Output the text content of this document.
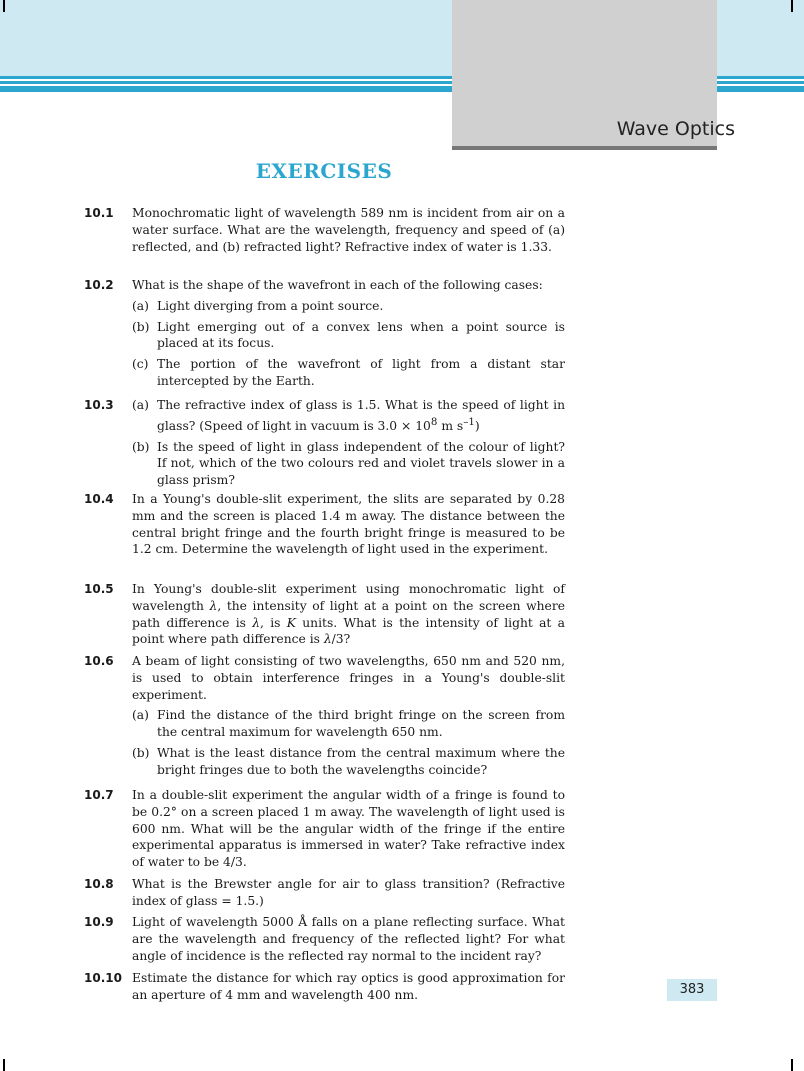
Wave Optics
EXERCISES
10.1 Monochromatic light of wavelength 589 nm is incident from air on a water surface. What are the wavelength, frequency and speed of (a) reflected, and (b) refracted light? Refractive index of water is 1.33.

10.2 What is the shape of the wavefront in each of the following cases:

(a) Light diverging from a point source.
(b) Light emerging out of a convex lens when a point source is placed at its focus.
(c) The portion of the wavefront of light from a distant star intercepted by the Earth.
10.3 (a) The refractive index of glass is 1.5. What is the speed of light in glass? (Speed of light in vacuum is $3.0 \times 10^8$ m $s^{-1}$)
(b) Is the speed of light in glass independent of the colour of light? If not, which of the two colours red and violet travels slower in a glass prism?
10.4 In a Young's double-slit experiment, the slits are separated by 0.28 mm and the screen is placed 1.4 m away. The distance between the central bright fringe and the fourth bright fringe is measured to be 1.2 cm. Determine the wavelength of light used in the experiment.

10.5 In Young's double-slit experiment using monochromatic light of wavelength λ, the intensity of light at a point on the screen where path difference is λ, is K units. What is the intensity of light at a point where path difference is λ/3?

10.6 A beam of light consisting of two wavelengths, 650 nm and 520 nm, is used to obtain interference fringes in a Young's double-slit experiment.

(a) Find the distance of the third bright fringe on the screen from the central maximum for wavelength 650 nm.
(b) What is the least distance from the central maximum where the bright fringes due to both the wavelengths coincide?
10.7 In a double-slit experiment the angular width of a fringe is found to be 0.2° on a screen placed 1 m away. The wavelength of light used is 600 nm. What will be the angular width of the fringe if the entire experimental apparatus is immersed in water? Take refractive index of water to be 4/3.

10.8 What is the Brewster angle for air to glass transition? (Refractive index of glass = 1.5.)

10.9 Light of wavelength 5000 Å falls on a plane reflecting surface. What are the wavelength and frequency of the reflected light? For what angle of incidence is the reflected ray normal to the incident ray?

10.10 Estimate the distance for which ray optics is good approximation for an aperture of 4 mm and wavelength 400 nm.	383
